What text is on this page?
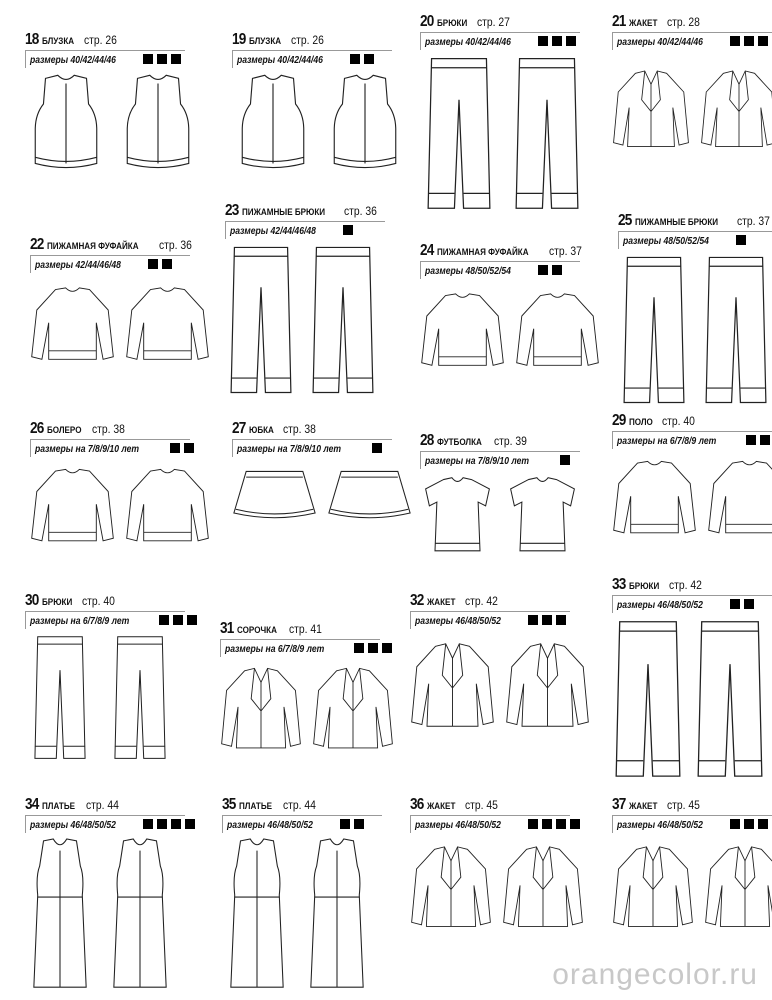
18 БЛУЗКА стр. 26
размеры 40/42/44/46
19 БЛУЗКА стр. 26
размеры 40/42/44/46
20 БРЮКИ стр. 27
размеры 40/42/44/46
21 ЖАКЕТ стр. 28
размеры 40/42/44/46
22 ПИЖАМНАЯ ФУФАЙКА стр. 36
размеры 42/44/46/48
23 ПИЖАМНЫЕ БРЮКИ стр. 36
размеры 42/44/46/48
24 ПИЖАМНАЯ ФУФАЙКА стр. 37
размеры 48/50/52/54
25 ПИЖАМНЫЕ БРЮКИ стр. 37
размеры 48/50/52/54
26 БОЛЕРО стр. 38
размеры на 7/8/9/10 лет
27 ЮБКА стр. 38
размеры на 7/8/9/10 лет	28 ФУТБОЛКА стр. 39
размеры на 7/8/9/10 лет
29 ПОЛО стр. 40
размеры на 6/7/8/9 лет
30 БРЮКИ стр. 40
размеры на 6/7/8/9 лет	31 СОРОЧКА стр. 41
размеры на 6/7/8/9 лет
32 ЖАКЕТ стр. 42
размеры 46/48/50/52
33 БРЮКИ стр. 42
размеры 46/48/50/52
34 ПЛАТЬЕ стр. 44
размеры 46/48/50/52
35 ПЛАТЬЕ стр. 44
размеры 46/48/50/52
36 ЖАКЕТ стр. 45
размеры 46/48/50/52
37 ЖАКЕТ стр. 45
размеры 46/48/50/52
orangecolor.ru
